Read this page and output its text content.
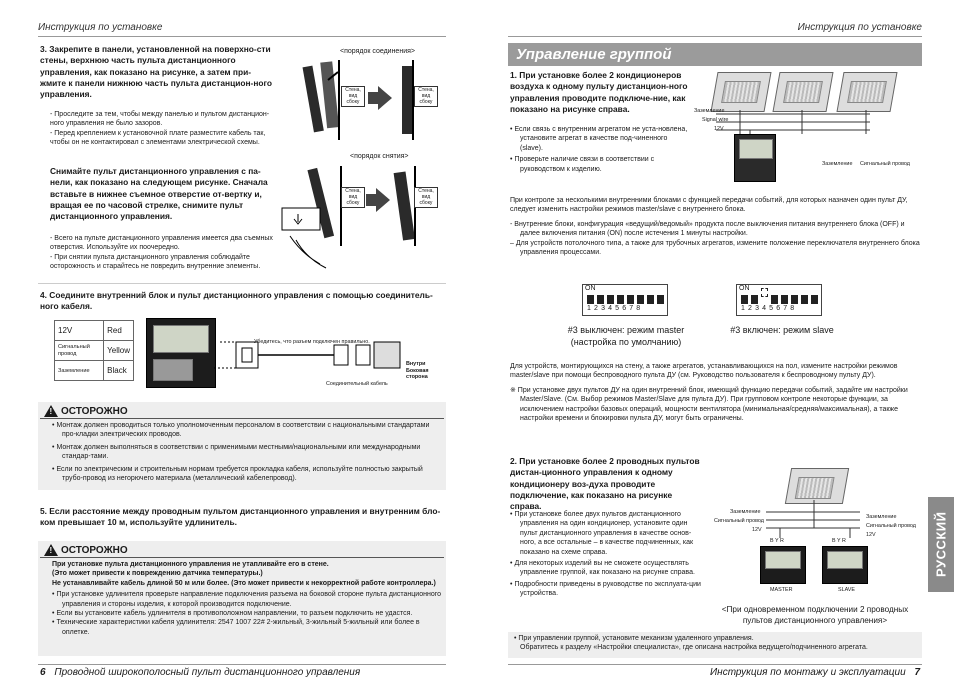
Инструкция по установке
3. Закрепите в панели, установленной на поверхно-сти стены, верхнюю часть пульта дистанционного управления, как показано на рисунке, а затем при-жмите к панели нижнюю часть пульта дистанцион-ного управления.
- Проследите за тем, чтобы между панелью и пультом дистанцион-ного управления не было зазоров.
- Перед креплением к установочной плате разместите кабель так, чтобы он не контактировал с элементами электрической схемы.
<порядок соединения>
Стена, вид сбоку
Стена, вид сбоку
Снимайте пульт дистанционного управления с па-нели, как показано на следующем рисунке. Сначала вставьте в нижнее съемное отверстие от-вертку и, вращая ее по часовой стрелке, снимите пульт дистанционного управления.
- Всего на пульте дистанционного управления имеется два съемных отверстия. Используйте их поочередно.
- При снятии пульта дистанционного управления соблюдайте осторожность и старайтесь не повредить внутренние элементы.
<порядок снятия>
Стена, вид сбоку
Стена, вид сбоку
4. Соедините внутренний блок и пульт дистанционного управления с помощью соединитель-ного кабеля.
12V	Red
Сигнальный провод	Yellow
Заземление	Black
Убедитесь, что разъем подключен правильно.
Соединительный кабель
Внутри Боковая сторона
! ОСТОРОЖНО
• Монтаж должен проводиться только уполномоченным персоналом в соответствии с национальными стандартами про-кладки электрических проводов.
• Монтаж должен выполняться в соответствии с применимыми местными/национальными или международными стандар-тами.
• Если по электрическим и строительным нормам требуется прокладка кабеля, используйте полностью закрытый трубо-провод из негорючего материала (металлический кабелепровод).
5. Если расстояние между проводным пультом дистанционного управления и внутренним бло-ком превышает 10 м, используйте удлинитель.
! ОСТОРОЖНО
При установке пульта дистанционного управления не утапливайте его в стене.
(Это может привести к повреждению датчика температуры.)
Не устанавливайте кабель длиной 50 м или более. (Это может привести к некорректной работе контроллера.)
• При установке удлинителя проверьте направление подключения разъема на боковой стороне пульта дистанционного управления и стороны изделия, к которой производится подключение.
• Если вы установите кабель удлинителя в противоположном направлении, то разъем подключить не удастся.
• Технические характеристики кабеля удлинителя: 2547 1007 22# 2-жильный, 3-жильный 5-жильный или более в оплетке.
6 Проводной широкополосный пульт дистанционного управления
Инструкция по установке
Управление группой
1. При установке более 2 кондиционеров воздуха к одному пульту дистанцион-ного управления проводите подключе-ние, как показано на рисунке справа.
• Если связь с внутренним агрегатом не уста-новлена, установите агрегат в качестве под-чиненного (slave).
• Проверьте наличие связи в соответствии с руководством к изделию.
Заземление
Signal wire
12V
Заземление Сигнальный провод
При контроле за несколькими внутренними блоками с функцией передачи событий, для которых назначен один пульт ДУ, следует изменить настройки режимов master/slave с внутреннего блока.
- Внутренние блоки, конфигурация «ведущий/ведомый» продукта после выключения питания внутреннего блока (OFF) и далее включения питания (ON) после истечения 1 минуты настройки.
– Для устройств потолочного типа, а также для трубочных агрегатов, измените положение переключателя внутреннего блока управления процессами.
ON
1 2 3 4 5 6 7 8
ON
1 2 3 4 5 6 7 8
#3 выключен: режим master (настройка по умолчанию)
#3 включен: режим slave
Для устройств, монтирующихся на стену, а также агрегатов, устанавливающихся на пол, измените настройки режимов master/slave при помощи беспроводного пульта ДУ (см. Руководство пользователя к беспроводному пульту ДУ).
※ При установке двух пультов ДУ на один внутренний блок, имеющий функцию передачи событий, задайте им настройки Master/Slave. (См. Выбор режимов Master/Slave для пульта ДУ). При групповом контроле некоторые функции, за исключением настройки базовых операций, мощности вентилятора (минимальная/средняя/максимальная), а также настройки времени и блокировки пульта ДУ, могут быть ограничены.
2. При установке более 2 проводных пультов дистан-ционного управления к одному кондиционеру воз-духа проводите подключение, как показано на рисунке справа.
• При установке более двух пультов дистанционного управления на один кондиционер, установите один пульт дистанционного управления в качестве основ-ного, а все остальные – в качестве подчиненных, как показано на схеме справа.
• Для некоторых изделий вы не сможете осуществлять управление группой, как показано на рисунке справа.
• Подробности приведены в руководстве по эксплуата-ции устройства.
Заземление
Сигнальный провод
12V
Заземление
Сигнальный провод
12V
B Y R	B Y R
MASTER	SLAVE
<При одновременном подключении 2 проводных пультов дистанционного управления>
• При управлении группой, установите механизм удаленного управления.
Обратитесь к разделу «Настройки специалиста», где описана настройка ведущего/подчиненного агрегата.
РУССКИЙ
Инструкция по монтажу и эксплуатации 7
